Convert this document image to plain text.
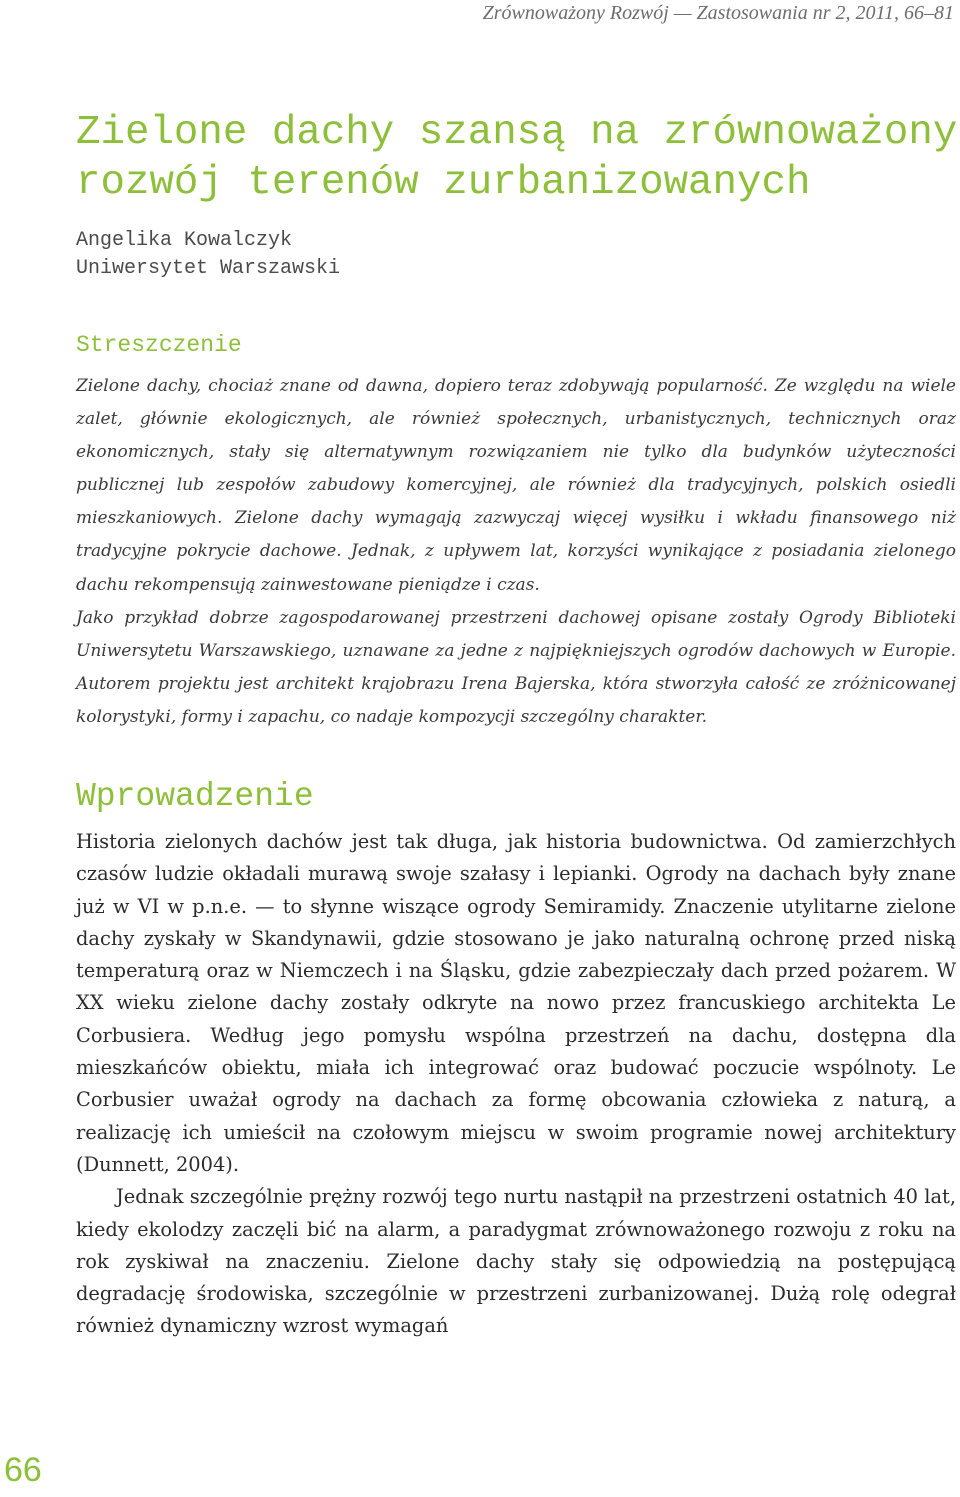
Zrównoważony Rozwój — Zastosowania nr 2, 2011, 66–81
Zielone dachy szansą na zrównoważony
rozwój terenów zurbanizowanych
Angelika Kowalczyk
Uniwersytet Warszawski
Streszczenie

Zielone dachy, chociaż znane od dawna, dopiero teraz zdobywają popularność. Ze względu na wiele zalet, głównie ekologicznych, ale również społecznych, urbanistycznych, technicznych oraz ekonomicznych, stały się alternatywnym rozwiązaniem nie tylko dla budynków użyteczności publicznej lub zespołów zabudowy komercyjnej, ale również dla tradycyjnych, polskich osiedli mieszkaniowych. Zielone dachy wymagają zazwyczaj więcej wysiłku i wkładu finansowego niż tradycyjne pokrycie dachowe. Jednak, z upływem lat, korzyści wynikające z posiadania zielonego dachu rekompensują zainwestowane pieniądze i czas.

Jako przykład dobrze zagospodarowanej przestrzeni dachowej opisane zostały Ogrody Biblioteki Uniwersytetu Warszawskiego, uznawane za jedne z najpiękniejszych ogrodów dachowych w Europie. Autorem projektu jest architekt krajobrazu Irena Bajerska, która stworzyła całość ze zróżnicowanej kolorystyki, formy i zapachu, co nadaje kompozycji szczególny charakter.

Wprowadzenie

Historia zielonych dachów jest tak długa, jak historia budownictwa. Od zamierzchłych czasów ludzie okładali murawą swoje szałasy i lepianki. Ogrody na dachach były znane już w VI w p.n.e. — to słynne wiszące ogrody Semiramidy. Znaczenie utylitarne zielone dachy zyskały w Skandynawii, gdzie stosowano je jako naturalną ochronę przed niską temperaturą oraz w Niemczech i na Śląsku, gdzie zabezpieczały dach przed pożarem. W XX wieku zielone dachy zostały odkryte na nowo przez francuskiego architekta Le Corbusiera. Według jego pomysłu wspólna przestrzeń na dachu, dostępna dla mieszkańców obiektu, miała ich integrować oraz budować poczucie wspólnoty. Le Corbusier uważał ogrody na dachach za formę obcowania człowieka z naturą, a realizację ich umieścił na czołowym miejscu w swoim programie nowej architektury (Dunnett, 2004).

Jednak szczególnie prężny rozwój tego nurtu nastąpił na przestrzeni ostatnich 40 lat, kiedy ekolodzy zaczęli bić na alarm, a paradygmat zrównoważonego rozwoju z roku na rok zyskiwał na znaczeniu. Zielone dachy stały się odpowiedzią na postępującą degradację środowiska, szczególnie w przestrzeni zurbanizowanej. Dużą rolę odegrał również dynamiczny wzrost wymagań

66
